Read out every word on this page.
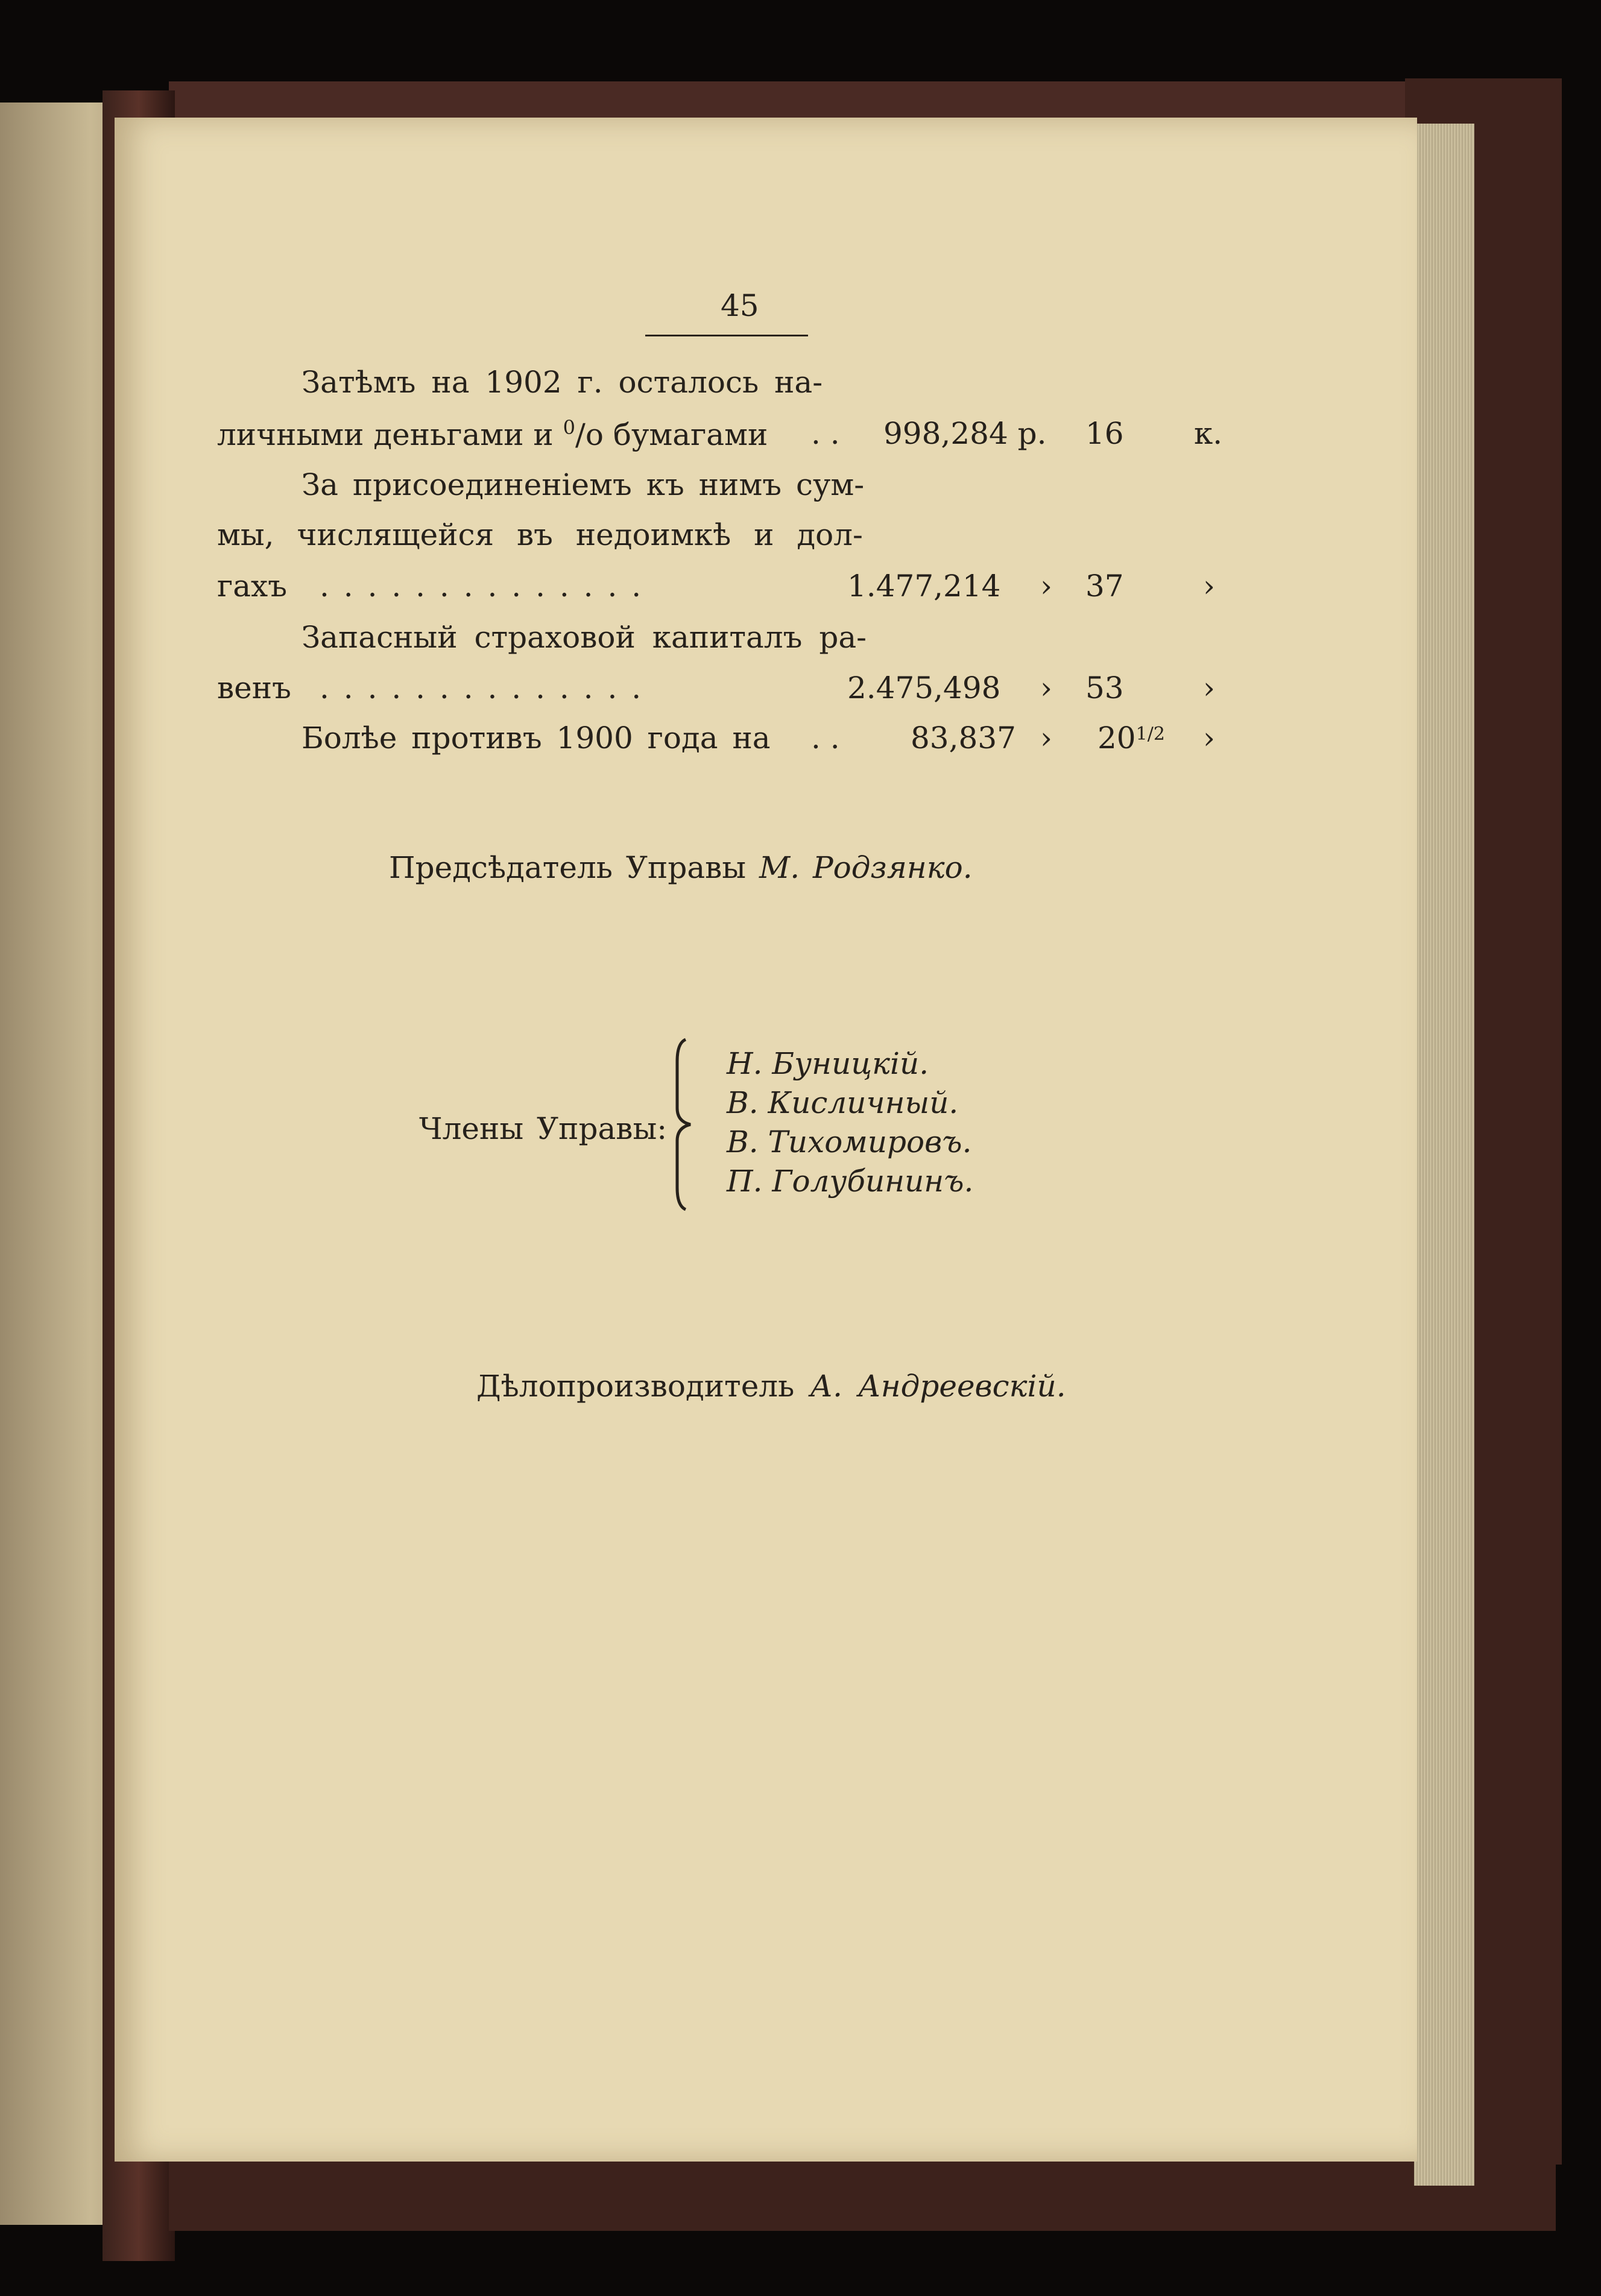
45
Затѣмъ на 1902 г. осталось на-
личными деньгами и $^0$/о бумагами . . 998,284 р. 16 к.
За присоединеніемъ къ нимъ сум-
мы, числящейся въ недоимкѣ и дол-
гахъ . . . . . . . . . . . . . .	1.477,214 › 37	›
Запасный страховой капиталъ ра-
венъ . . . . . . . . . . . . . .	2.475,498 › 53	›
Болѣе противъ 1900 года на . . 83,837 › $20^{1/2}$ ›
Предсѣдатель Управы М. Родзянко.
Члены Управы:
Н. Буницкій.
В. Кисличный.
В. Тихомировъ.
П. Голубининъ.
Дѣлопроизводитель А. Андреевскій.
